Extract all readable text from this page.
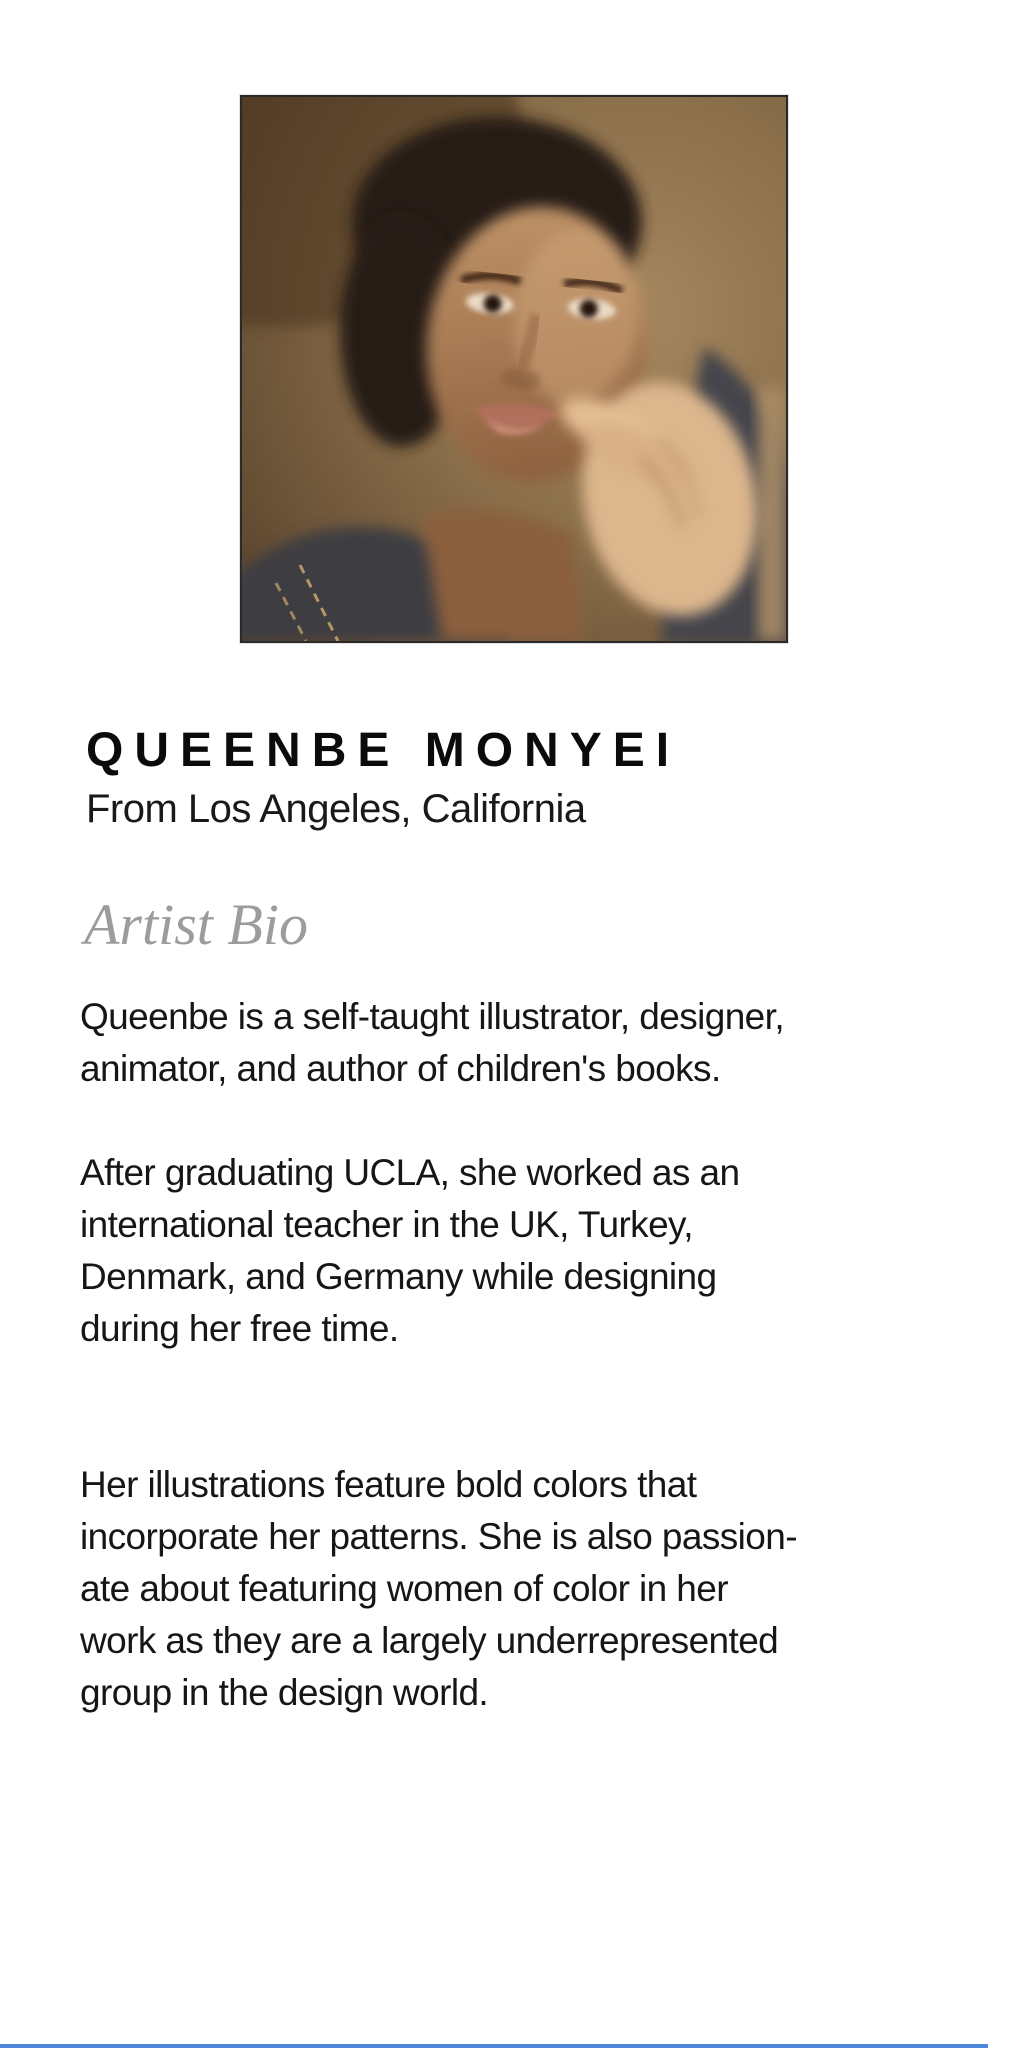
QUEENBE MONYEI
From Los Angeles, California
Artist Bio

Queenbe is a self-taught illustrator, designer,
animator, and author of children's books.

After graduating UCLA, she worked as an
international teacher in the UK, Turkey,
Denmark, and Germany while designing
during her free time.

Her illustrations feature bold colors that
incorporate her patterns. She is also passion-
ate about featuring women of color in her
work as they are a largely underrepresented
group in the design world.
